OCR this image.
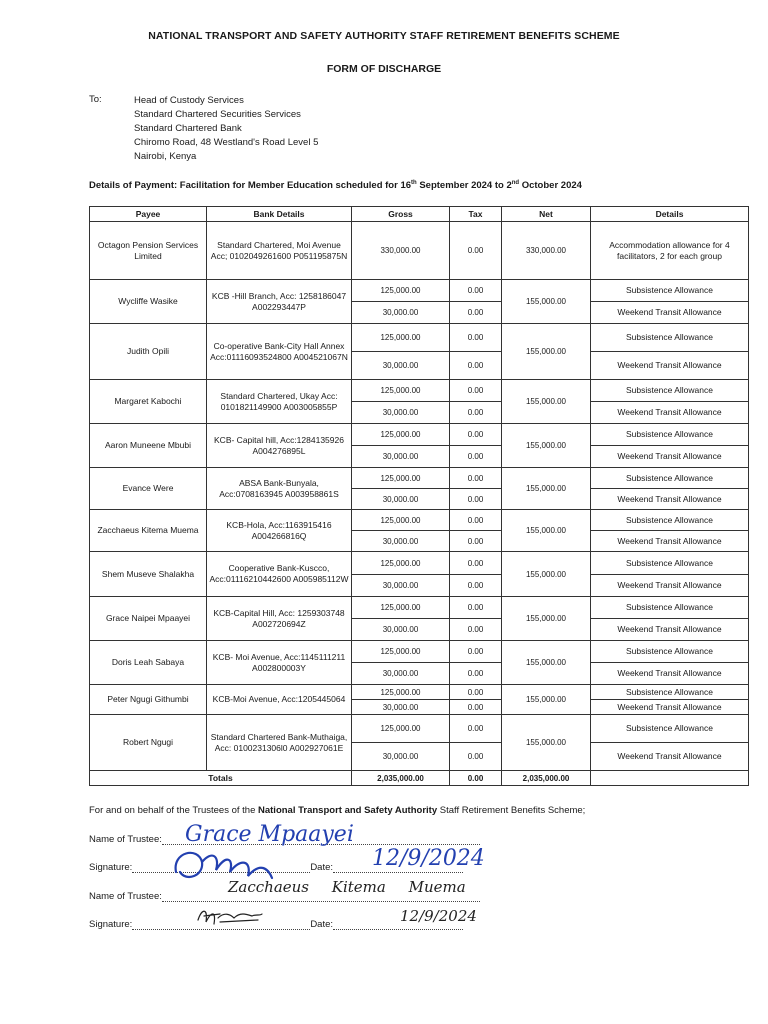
NATIONAL TRANSPORT AND SAFETY AUTHORITY STAFF RETIREMENT BENEFITS SCHEME
FORM OF DISCHARGE
To:	Head of Custody Services
Standard Chartered Securities Services
Standard Chartered Bank
Chiromo Road, 48 Westland's Road Level 5
Nairobi, Kenya
Details of Payment: Facilitation for Member Education scheduled for 16th September 2024 to 2nd October 2024
Payee	Bank Details	Gross	Tax	Net	Details
Octagon Pension Services Limited	Standard Chartered, Moi Avenue Acc; 0102049261600 P051195875N	330,000.00	0.00	330,000.00	Accommodation allowance for 4 facilitators, 2 for each group
Wycliffe Wasike	KCB -Hill Branch, Acc: 1258186047 A002293447P	125,000.00	0.00	155,000.00	Subsistence Allowance
		30,000.00	0.00		Weekend Transit Allowance
Judith Opili	Co-operative Bank-City Hall Annex Acc:01116093524800 A004521067N	125,000.00	0.00	155,000.00	Subsistence Allowance
		30,000.00	0.00		Weekend Transit Allowance
Margaret Kabochi	Standard Chartered, Ukay Acc: 0101821149900 A003005855P	125,000.00	0.00	155,000.00	Subsistence Allowance
		30,000.00	0.00		Weekend Transit Allowance
Aaron Muneene Mbubi	KCB- Capital hill, Acc:1284135926 A004276895L	125,000.00	0.00	155,000.00	Subsistence Allowance
		30,000.00	0.00		Weekend Transit Allowance
Evance Were	ABSA Bank-Bunyala, Acc:0708163945 A003958861S	125,000.00	0.00	155,000.00	Subsistence Allowance
		30,000.00	0.00		Weekend Transit Allowance
Zacchaeus Kitema Muema	KCB-Hola, Acc:1163915416 A004266816Q	125,000.00	0.00	155,000.00	Subsistence Allowance
		30,000.00	0.00		Weekend Transit Allowance
Shem Museve Shalakha	Cooperative Bank-Kuscco, Acc:01116210442600 A005985112W	125,000.00	0.00	155,000.00	Subsistence Allowance
		30,000.00	0.00		Weekend Transit Allowance
Grace Naipei Mpaayei	KCB-Capital Hill, Acc: 1259303748 A002720694Z	125,000.00	0.00	155,000.00	Subsistence Allowance
		30,000.00	0.00		Weekend Transit Allowance
Doris Leah Sabaya	KCB- Moi Avenue, Acc:1145111211 A002800003Y	125,000.00	0.00	155,000.00	Subsistence Allowance
		30,000.00	0.00		Weekend Transit Allowance
Peter Ngugi Githumbi	KCB-Moi Avenue, Acc:1205445064	125,000.00	0.00	155,000.00	Subsistence Allowance
		30,000.00	0.00		Weekend Transit Allowance
Robert Ngugi	Standard Chartered Bank-Muthaiga, Acc: 0100231306l0 A002927061E	125,000.00	0.00	155,000.00	Subsistence Allowance
		30,000.00	0.00		Weekend Transit Allowance
Totals		2,035,000.00	0.00	2,035,000.00	
For and on behalf of the Trustees of the National Transport and Safety Authority Staff Retirement Benefits Scheme;
Name of Trustee:	Grace Mpaayei
Signature:	Date:	12/9/2024
Name of Trustee:
Zacchaeus Kitema Muema
Signature:	Date:	12/9/2024
